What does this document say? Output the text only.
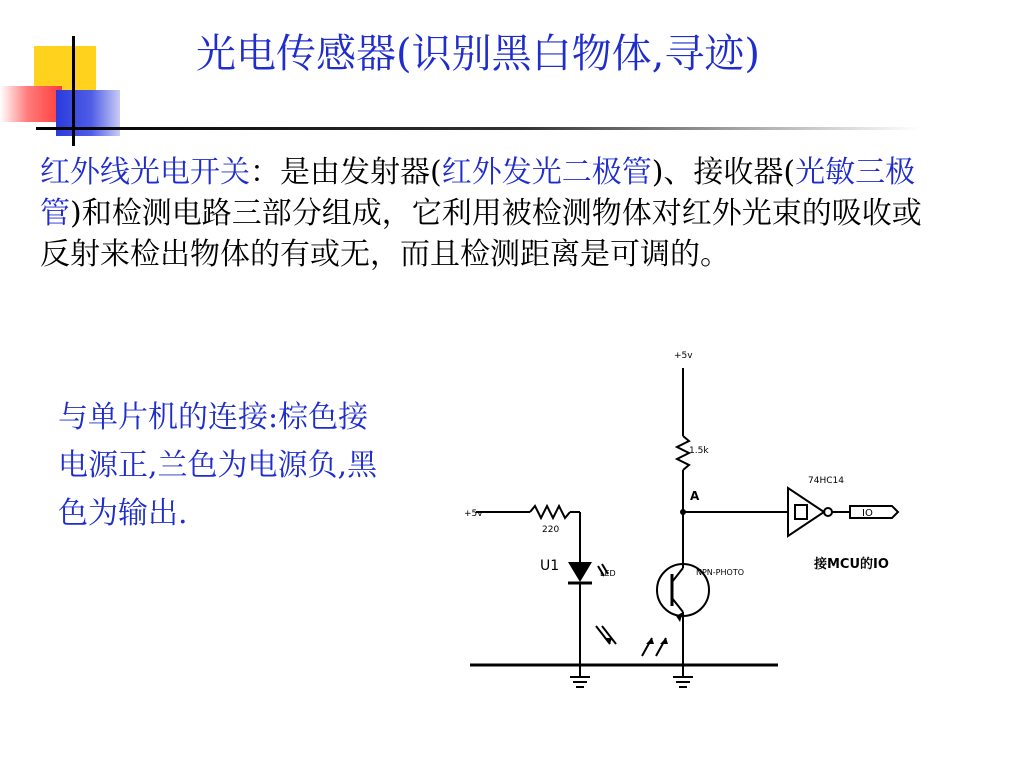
光电传感器(识别黑白物体,寻迹)
红外线光电开关：是由发射器(红外发光二极管)、接收器(光敏三极管)和检测电路三部分组成，它利用被检测物体对红外光束的吸收或反射来检出物体的有或无，而且检测距离是可调的。
与单片机的连接:棕色接电源正,兰色为电源负,黑色为输出.
+5v
+5v
1.5k
220
A
U1	LED	NPN-PHOTO
74HC14
IO
接MCU的IO
